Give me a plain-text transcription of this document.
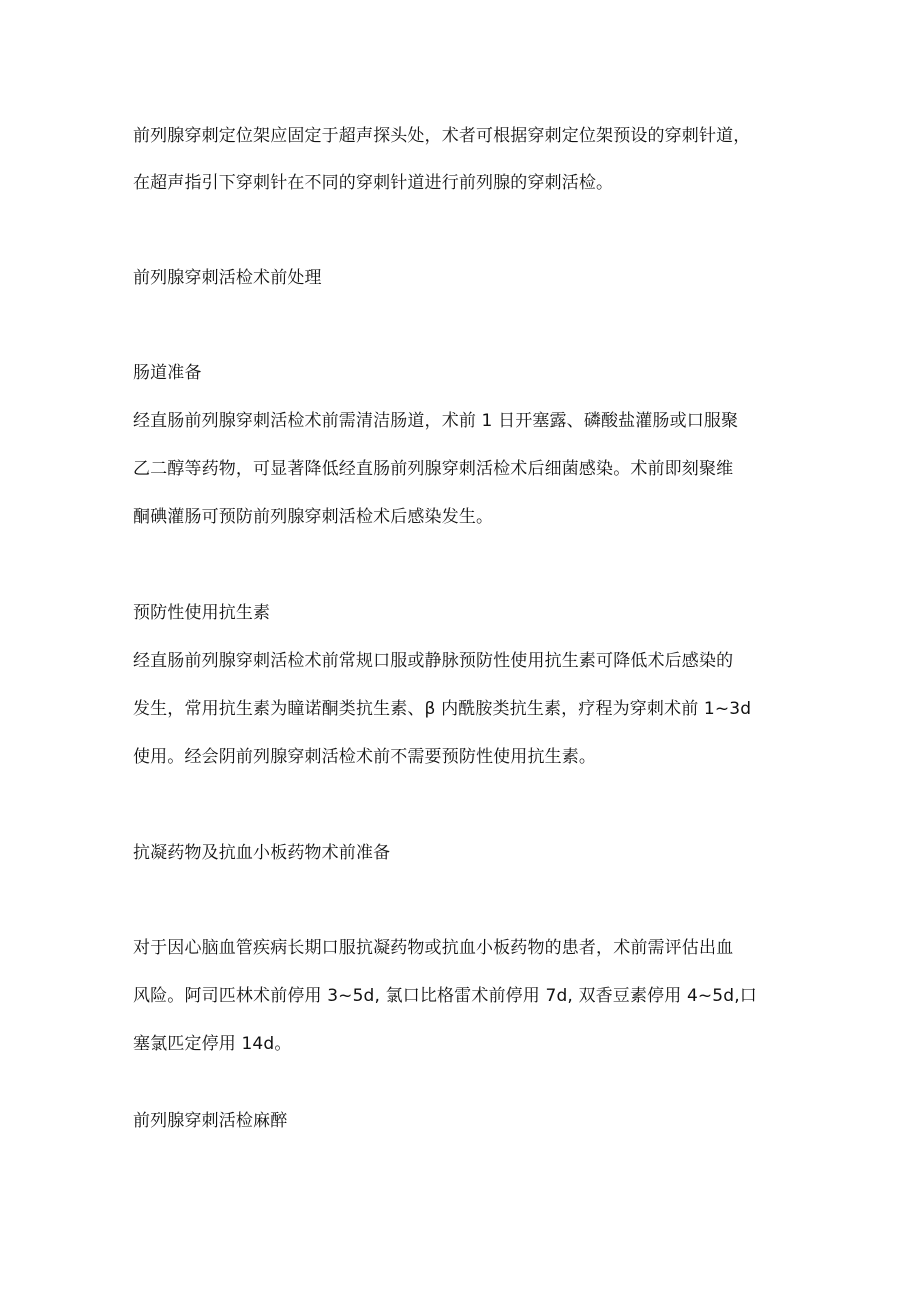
前列腺穿刺定位架应固定于超声探头处，术者可根据穿刺定位架预设的穿刺针道，
在超声指引下穿刺针在不同的穿刺针道进行前列腺的穿刺活检。
前列腺穿刺活检术前处理
肠道准备
经直肠前列腺穿刺活检术前需清洁肠道，术前 1 日开塞露、磷酸盐灌肠或口服聚
乙二醇等药物，可显著降低经直肠前列腺穿刺活检术后细菌感染。术前即刻聚维
酮碘灌肠可预防前列腺穿刺活检术后感染发生。
预防性使用抗生素
经直肠前列腺穿刺活检术前常规口服或静脉预防性使用抗生素可降低术后感染的
发生，常用抗生素为瞳诺酮类抗生素、β 内酰胺类抗生素，疗程为穿刺术前 1~3d
使用。经会阴前列腺穿刺活检术前不需要预防性使用抗生素。
抗凝药物及抗血小板药物术前准备
对于因心脑血管疾病长期口服抗凝药物或抗血小板药物的患者，术前需评估出血
风险。阿司匹林术前停用 3~5d, 氯口比格雷术前停用 7d, 双香豆素停用 4~5d,口
塞氯匹定停用 14d。
前列腺穿刺活检麻醉
